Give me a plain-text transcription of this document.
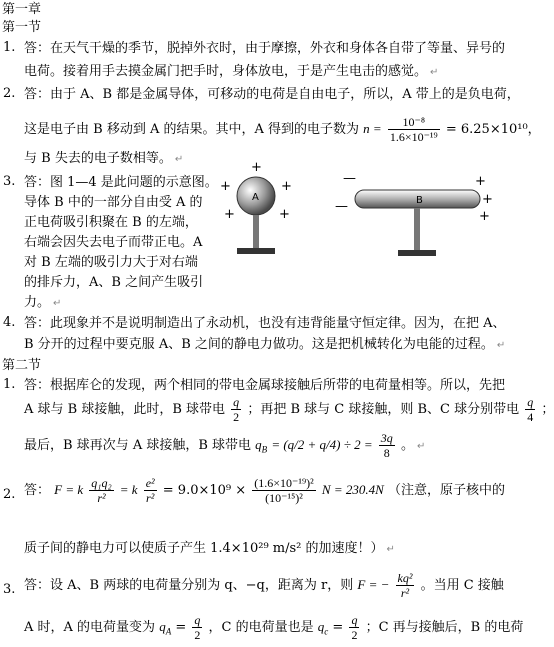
第一章
第一节
1. 答：在天气干燥的季节，脱掉外衣时，由于摩擦，外衣和身体各自带了等量、异号的
电荷。接着用手去摸金属门把手时，身体放电，于是产生电击的感觉。 ↵
2. 答：由于 A、B 都是金属导体，可移动的电荷是自由电子，所以，A 带上的是负电荷，
这是电子由 B 移动到 A 的结果。其中，A 得到的电子数为 $n = \frac{\text{10⁻⁸}}{\text{1.6×10⁻¹⁹}} = 6.25\times 10^{10}$，
与 B 失去的电子数相等。 ↵
3. 答：图 1—4 是此问题的示意图。
导体 B 中的一部分自由受 A 的
正电荷吸引积聚在 B 的左端，
右端会因失去电子而带正电。A
对 B 左端的吸引力大于对右端
的排斥力，A、B 之间产生吸引
力。 ↵
+
+	+
+	+
A
—
—
+
+
+
B
4. 答：此现象并不是说明制造出了永动机，也没有违背能量守恒定律。因为，在把 A、
B 分开的过程中要克服 A、B 之间的静电力做功。这是把机械转化为电能的过程。 ↵
第二节
1. 答：根据库仑的发现，两个相同的带电金属球接触后所带的电荷量相等。所以，先把
A 球与 B 球接触，此时，B 球带电 $\frac{q}{2}$ ；再把 B 球与 C 球接触，则 B、C 球分别带电 $\frac{q}{4}$ ；
最后，B 球再次与 A 球接触，B 球带电 $q_B = (q/2 + q/4) \div 2 = \frac{3q}{8}$ 。 ↵
2. 答： F = k $\frac{\text{q₁q₂}}{\text{r²}} = k \frac{\text{e²}}{\text{r²}} = 9.0\times 10^9 \times \frac{\text{(1.6×10⁻¹⁹)²}}{\text{(10⁻¹⁵)²}}$ N = 230.4N （注意，原子核中的
质子间的静电力可以使质子产生 1.4×10²⁹ m/s² 的加速度！） ↵
3. 答：设 A、B 两球的电荷量分别为 q、−q，距离为 r，则 F = − $\frac{\text{kq²}}{\text{r²}}$ 。当用 C 接触
A 时，A 的电荷量变为 $q_A = \frac{q}{2}$ ，C 的电荷量也是 $q_c = \frac{q}{2}$ ；C 再与接触后，B 的电荷
